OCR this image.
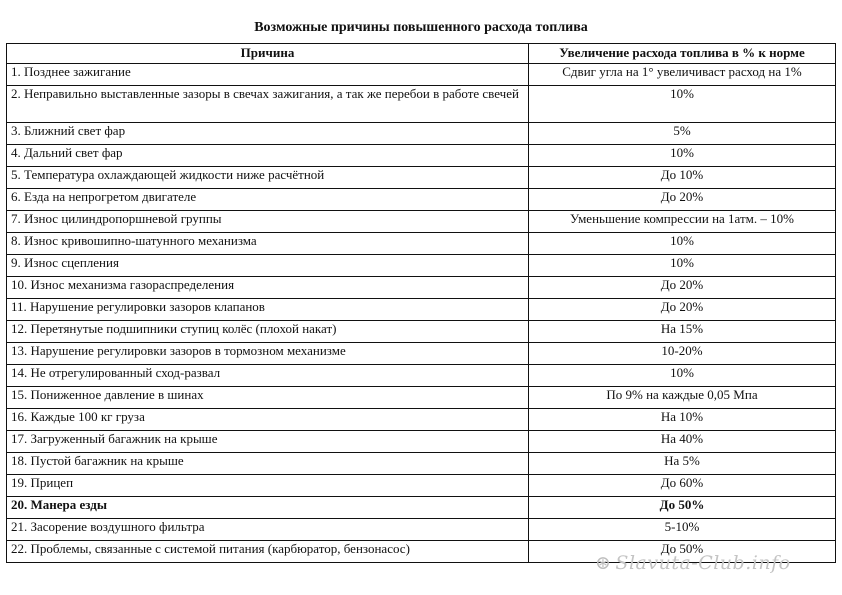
Возможные причины повышенного расхода топлива
Причина	Увеличение расхода топлива в % к норме
1. Позднее зажигание	Сдвиг угла на 1° увеличиваст расход на 1%
2. Неправильно выставленные зазоры в свечах зажигания, а так же перебои в работе свечей	10%
3. Ближний свет фар	5%
4. Дальний свет фар	10%
5. Температура охлаждающей жидкости ниже расчётной	До 10%
6. Езда на непрогретом двигателе	До 20%
7. Износ цилиндропоршневой группы	Уменьшение компрессии на 1атм. – 10%
8. Износ кривошипно-шатунного механизма	10%
9. Износ сцепления	10%
10. Износ механизма газораспределения	До 20%
11. Нарушение регулировки зазоров клапанов	До 20%
12. Перетянутые подшипники ступиц колёс (плохой накат)	На 15%
13. Нарушение регулировки зазоров в тормозном механизме	10-20%
14. Не отрегулированный сход-развал	10%
15. Пониженное давление в шинах	По 9% на каждые 0,05 Мпа
16. Каждые 100 кг груза	На 10%
17. Загруженный багажник на крыше	На 40%
18. Пустой багажник на крыше	На 5%
19. Прицеп	До 60%
20. Манера езды	До 50%
21. Засорение воздушного фильтра	5-10%
22. Проблемы, связанные с системой питания (карбюратор, бензонасос)	До 50%
⊛ Slavuta-Club.info
